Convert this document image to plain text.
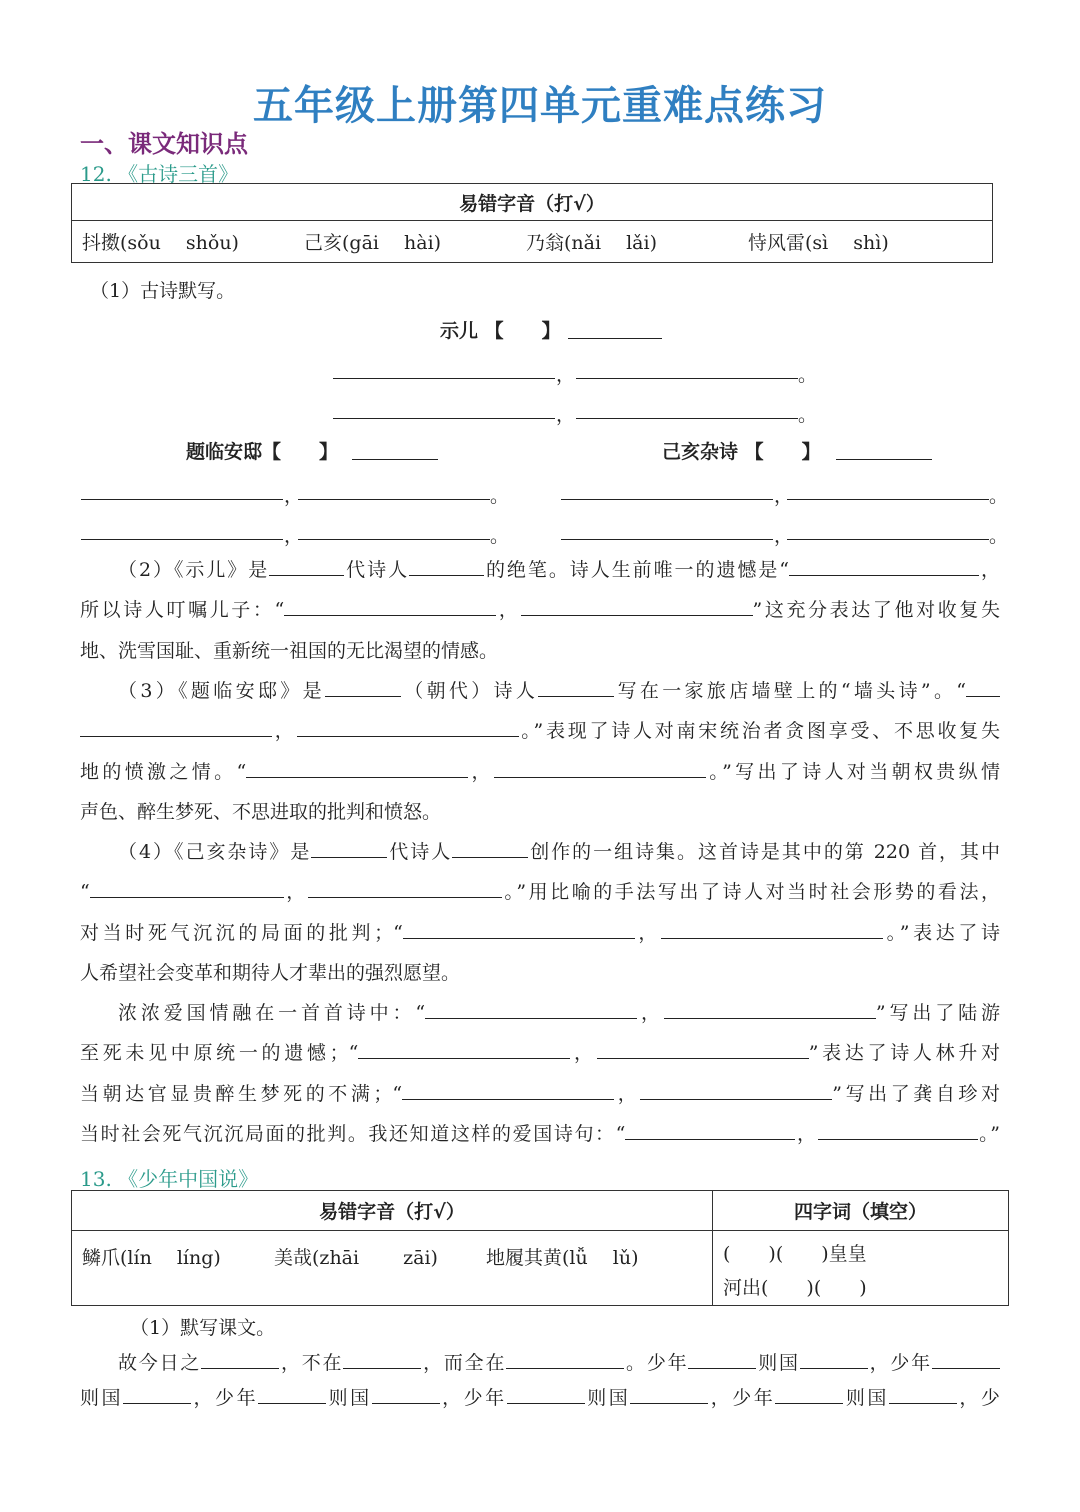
五年级上册第四单元重难点练习
一、课文知识点
12. 《古诗三首》
易错字音（打√）
抖擞(sǒu　 shǒu)	己亥(gāi　 hài)	乃翁(nǎi　 lǎi)	恃风雷(sì　 shì)
（1）古诗默写。
示儿 【　　】
，	。
，	。
题临安邸【　　】	己亥杂诗 【　　】
，	。	，	。
，	。	，	。
（2）《示儿》是	代诗人	的绝笔。诗人生前唯一的遗憾是“	，
所以诗人叮嘱儿子：“	，	”这充分表达了他对收复失
地、洗雪国耻、重新统一祖国的无比渴望的情感。
（3）《题临安邸》是	（朝代）诗人	写在一家旅店墙壁上的“墙头诗”。“
，	。”表现了诗人对南宋统治者贪图享受、不思收复失
地的愤激之情。“	，	。”写出了诗人对当朝权贵纵情
声色、醉生梦死、不思进取的批判和愤怒。
（4）《己亥杂诗》是	代诗人	创作的一组诗集。这首诗是其中的第 220 首，其中
“	，	。”用比喻的手法写出了诗人对当时社会形势的看法，
对当时死气沉沉的局面的批判；“	，	。”表达了诗
人希望社会变革和期待人才辈出的强烈愿望。
浓浓爱国情融在一首首诗中：“	，	”写出了陆游
至死未见中原统一的遗憾；“	，	”表达了诗人林升对
当朝达官显贵醉生梦死的不满；“	，	”写出了龚自珍对
当时社会死气沉沉局面的批判。我还知道这样的爱国诗句：“	，	。”
13. 《少年中国说》
易错字音（打√）	四字词（填空）
鳞爪(lín　 líng) 美哉(zhāi　　 zāi) 地履其黄(lǚ　 lǔ)	(　　)(　　)皇皇
河出(　　)(　　)
（1）默写课文。
故今日之	，不在	，而全在	。少年	则国	，少年
则国	，少年	则国	，少年	则国	，少年	则国	，少
